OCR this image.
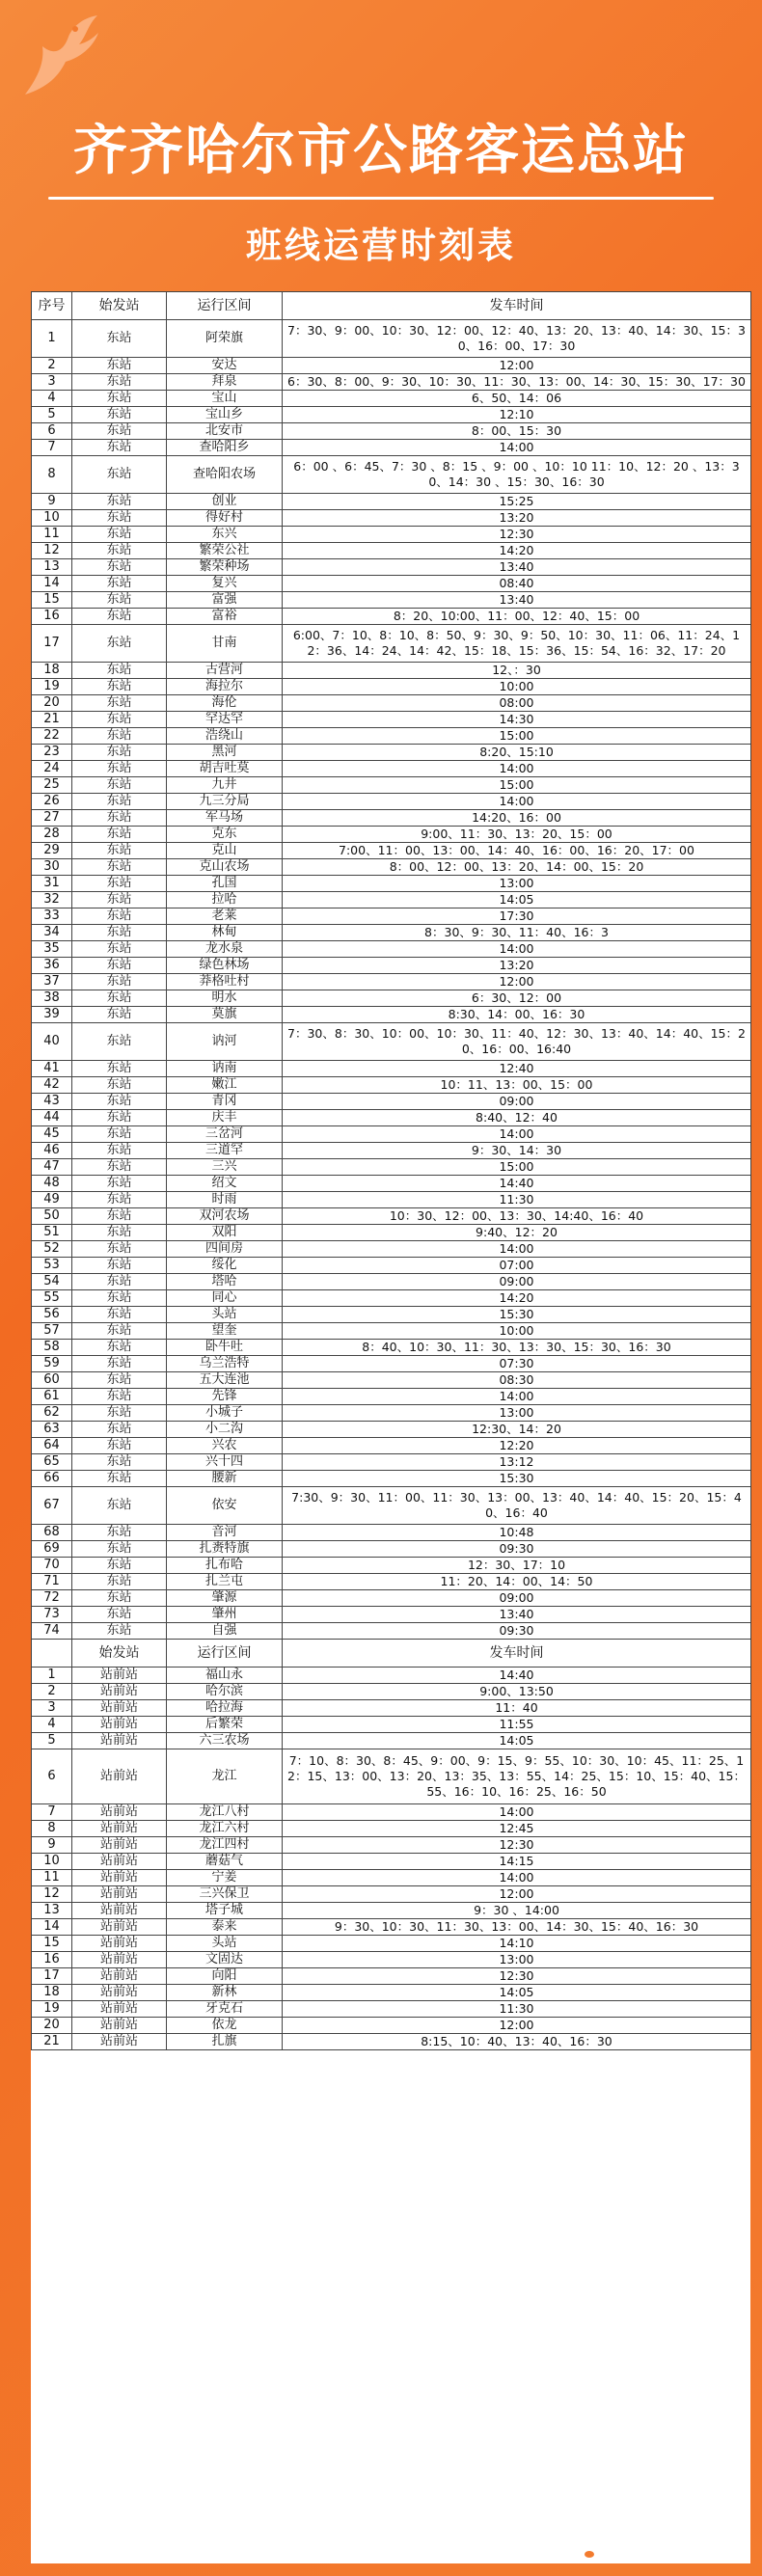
齐齐哈尔市公路客运总站
班线运营时刻表
序号	始发站	运行区间	发车时间
1	东站	阿荣旗	7：30、9：00、10：30、12：00、12：40、13：20、13：40、14：30、15：30、16：00、17：30
2	东站	安达	12:00
3	东站	拜泉	6：30、8：00、9：30、10：30、11：30、13：00、14：30、15：30、17：30
4	东站	宝山	6、50、14：06
5	东站	宝山乡	12:10
6	东站	北安市	8：00、15：30
7	东站	查哈阳乡	14:00
8	东站	查哈阳农场	6：00 、6：45、7：30 、8：15 、9：00 、10：10 11：10、12：20 、13：30、14：30 、15：30、16：30
9	东站	创业	15:25
10	东站	得好村	13:20
11	东站	东兴	12:30
12	东站	繁荣公社	14:20
13	东站	繁荣种场	13:40
14	东站	复兴	08:40
15	东站	富强	13:40
16	东站	富裕	8：20、10:00、11：00、12：40、15：00
17	东站	甘南	6:00、7：10、8：10、8：50、9：30、9：50、10：30、11：06、11：24、12：36、14：24、14：42、15：18、15：36、15：54、16：32、17：20
18	东站	古营河	12、：30
19	东站	海拉尔	10:00
20	东站	海伦	08:00
21	东站	罕达罕	14:30
22	东站	浩绕山	15:00
23	东站	黑河	8:20、15:10
24	东站	胡吉吐莫	14:00
25	东站	九井	15:00
26	东站	九三分局	14:00
27	东站	军马场	14:20、16：00
28	东站	克东	9:00、11：30、13：20、15：00
29	东站	克山	7:00、11：00、13：00、14：40、16：00、16：20、17：00
30	东站	克山农场	8：00、12：00、13：20、14：00、15：20
31	东站	孔国	13:00
32	东站	拉哈	14:05
33	东站	老莱	17:30
34	东站	林甸	8：30、9：30、11：40、16：3
35	东站	龙水泉	14:00
36	东站	绿色林场	13:20
37	东站	莽格吐村	12:00
38	东站	明水	6：30、12：00
39	东站	莫旗	8:30、14：00、16：30
40	东站	讷河	7：30、8：30、10：00、10：30、11：40、12：30、13：40、14：40、15：20、16：00、16:40
41	东站	讷南	12:40
42	东站	嫩江	10：11、13：00、15：00
43	东站	青冈	09:00
44	东站	庆丰	8:40、12：40
45	东站	三岔河	14:00
46	东站	三道罕	9：30、14：30
47	东站	三兴	15:00
48	东站	绍文	14:40
49	东站	时雨	11:30
50	东站	双河农场	10：30、12：00、13：30、14:40、16：40
51	东站	双阳	9:40、12：20
52	东站	四间房	14:00
53	东站	绥化	07:00
54	东站	塔哈	09:00
55	东站	同心	14:20
56	东站	头站	15:30
57	东站	望奎	10:00
58	东站	卧牛吐	8：40、10：30、11：30、13：30、15：30、16：30
59	东站	乌兰浩特	07:30
60	东站	五大连池	08:30
61	东站	先锋	14:00
62	东站	小城子	13:00
63	东站	小二沟	12:30、14：20
64	东站	兴农	12:20
65	东站	兴十四	13:12
66	东站	腰新	15:30
67	东站	依安	7:30、9：30、11：00、11：30、13：00、13：40、14：40、15：20、15：40、16：40
68	东站	音河	10:48
69	东站	扎赉特旗	09:30
70	东站	扎布哈	12：30、17：10
71	东站	扎兰屯	11：20、14：00、14：50
72	东站	肇源	09:00
73	东站	肇州	13:40
74	东站	自强	09:30
	始发站	运行区间	发车时间
1	站前站	福山永	14:40
2	站前站	哈尔滨	9:00、13:50
3	站前站	哈拉海	11：40
4	站前站	后繁荣	11:55
5	站前站	六三农场	14:05
6	站前站	龙江	7：10、8：30、8：45、9：00、9：15、9：55、10：30、10：45、11：25、12：15、13：00、13：20、13：35、13：55、14：25、15：10、15：40、15：55、16：10、16：25、16：50
7	站前站	龙江八村	14:00
8	站前站	龙江六村	12:45
9	站前站	龙江四村	12:30
10	站前站	蘑菇气	14:15
11	站前站	宁姜	14:00
12	站前站	三兴保卫	12:00
13	站前站	塔子城	9：30 、14:00
14	站前站	泰来	9：30、10：30、11：30、13：00、14：30、15：40、16：30
15	站前站	头站	14:10
16	站前站	文固达	13:00
17	站前站	向阳	12:30
18	站前站	新林	14:05
19	站前站	牙克石	11:30
20	站前站	依龙	12:00
21	站前站	扎旗	8:15、10：40、13：40、16：30
齐齐哈尔公路客运总站
